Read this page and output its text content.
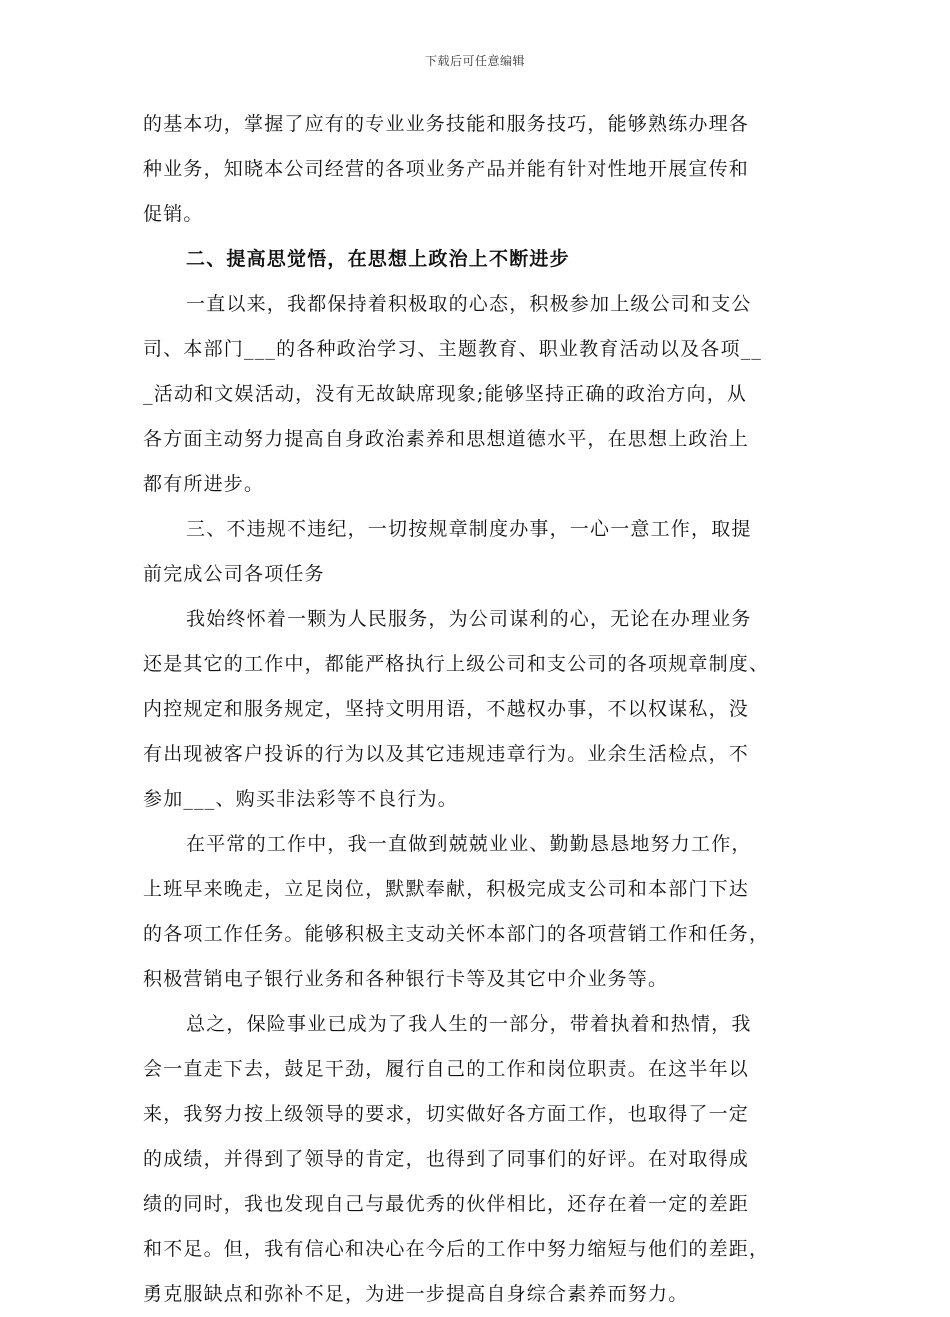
下载后可任意编辑
的基本功，掌握了应有的专业业务技能和服务技巧，能够熟练办理各
种业务，知晓本公司经营的各项业务产品并能有针对性地开展宣传和
促销。
二、提高思觉悟，在思想上政治上不断进步
一直以来，我都保持着积极取的心态，积极参加上级公司和支公
司、本部门___的各种政治学习、主题教育、职业教育活动以及各项__
_活动和文娱活动，没有无故缺席现象;能够坚持正确的政治方向，从
各方面主动努力提高自身政治素养和思想道德水平，在思想上政治上
都有所进步。
三、不违规不违纪，一切按规章制度办事，一心一意工作，取提
前完成公司各项任务
我始终怀着一颗为人民服务，为公司谋利的心，无论在办理业务
还是其它的工作中，都能严格执行上级公司和支公司的各项规章制度、
内控规定和服务规定，坚持文明用语，不越权办事，不以权谋私，没
有出现被客户投诉的行为以及其它违规违章行为。业余生活检点，不
参加___、购买非法彩等不良行为。
在平常的工作中，我一直做到兢兢业业、勤勤恳恳地努力工作，
上班早来晚走，立足岗位，默默奉献，积极完成支公司和本部门下达
的各项工作任务。能够积极主支动关怀本部门的各项营销工作和任务，
积极营销电子银行业务和各种银行卡等及其它中介业务等。
总之，保险事业已成为了我人生的一部分，带着执着和热情，我
会一直走下去，鼓足干劲，履行自己的工作和岗位职责。在这半年以
来，我努力按上级领导的要求，切实做好各方面工作，也取得了一定
的成绩，并得到了领导的肯定，也得到了同事们的好评。在对取得成
绩的同时，我也发现自己与最优秀的伙伴相比，还存在着一定的差距
和不足。但，我有信心和决心在今后的工作中努力缩短与他们的差距，
勇克服缺点和弥补不足，为进一步提高自身综合素养而努力。
